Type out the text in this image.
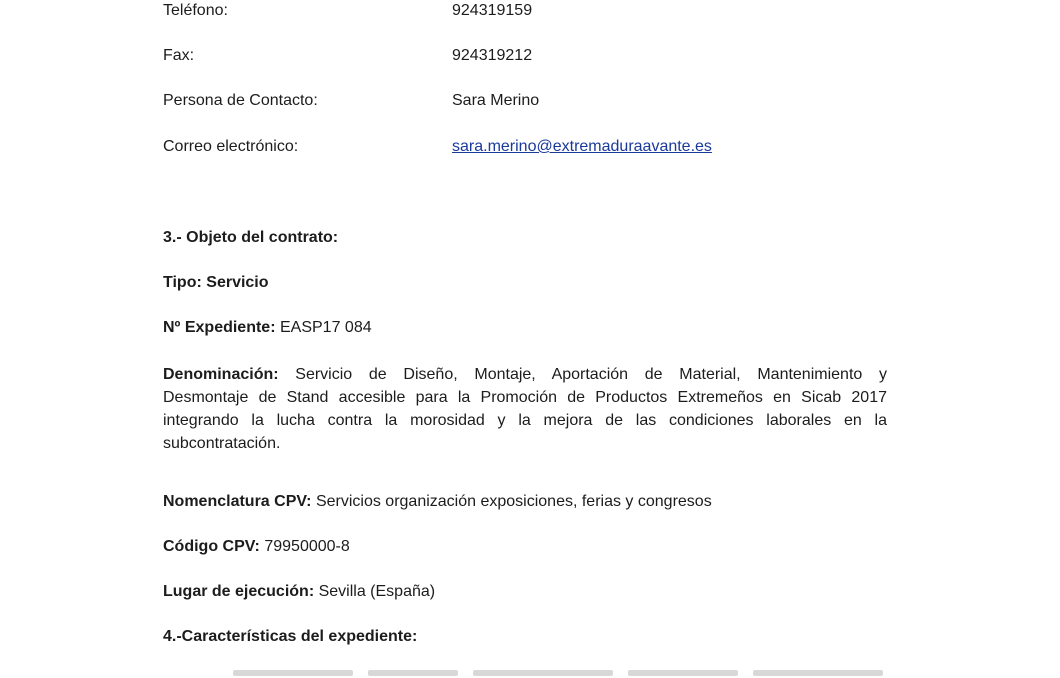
Teléfono:	924319159
Fax:	924319212
Persona de Contacto:	Sara Merino
Correo electrónico:	sara.merino@extremaduraavante.es
3.- Objeto del contrato:
Tipo: Servicio
Nº Expediente: EASP17 084
Denominación: Servicio de Diseño, Montaje, Aportación de Material, Mantenimiento y
Desmontaje de Stand accesible para la Promoción de Productos Extremeños en Sicab 2017
integrando la lucha contra la morosidad y la mejora de las condiciones laborales en la
subcontratación.
Nomenclatura CPV: Servicios organización exposiciones, ferias y congresos
Código CPV: 79950000-8
Lugar de ejecución: Sevilla (España)
4.-Características del expediente:
